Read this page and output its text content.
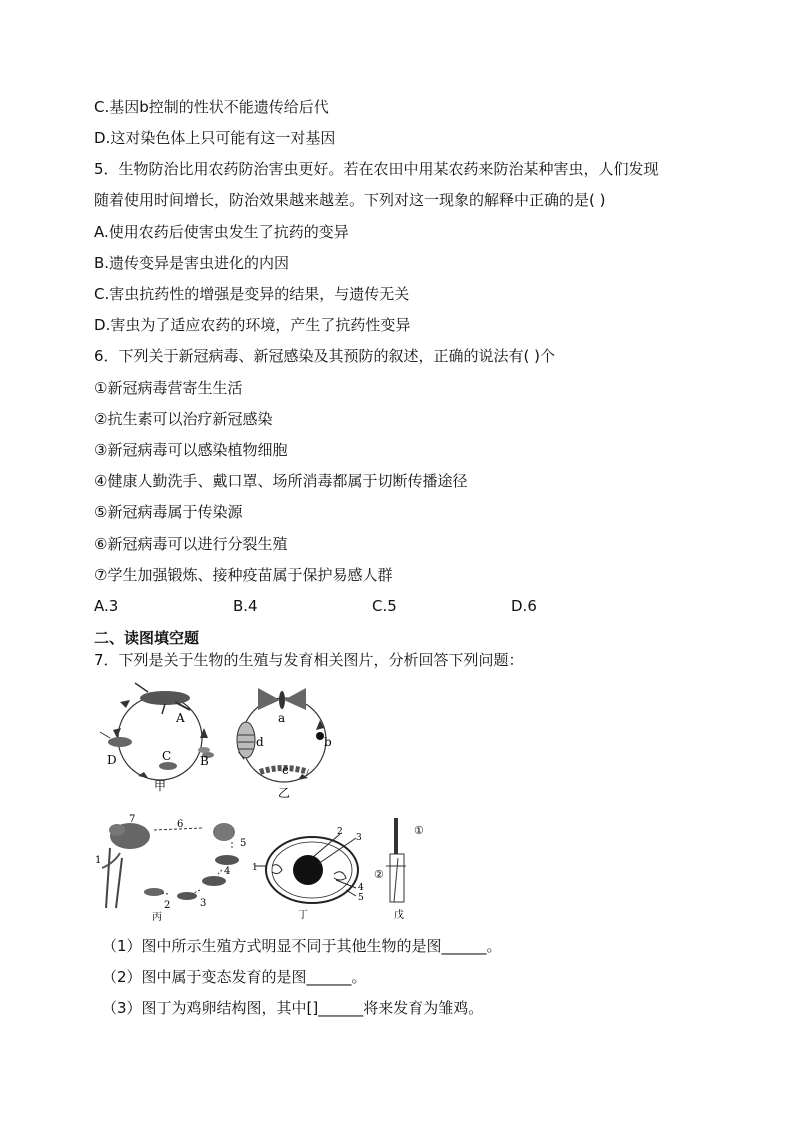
C.基因b控制的性状不能遗传给后代
D.这对染色体上只可能有这一对基因
5．生物防治比用农药防治害虫更好。若在农田中用某农药来防治某种害虫，人们发现
随着使用时间增长，防治效果越来越差。下列对这一现象的解释中正确的是( )
A.使用农药后使害虫发生了抗药的变异
B.遗传变异是害虫进化的内因
C.害虫抗药性的增强是变异的结果，与遗传无关
D.害虫为了适应农药的环境，产生了抗药性变异
6．下列关于新冠病毒、新冠感染及其预防的叙述，正确的说法有( )个
①新冠病毒营寄生生活
②抗生素可以治疗新冠感染
③新冠病毒可以感染植物细胞
④健康人勤洗手、戴口罩、场所消毒都属于切断传播途径
⑤新冠病毒属于传染源
⑥新冠病毒可以进行分裂生殖
⑦学生加强锻炼、接种疫苗属于保护易感人群
A.3	B.4	C.5	D.6
二、读图填空题
7．下列是关于生物的生殖与发育相关图片，分析回答下列问题：
A
B
C
D
甲
a
b
c
d
乙
7	6
5
4
3
2
1
丙
2
3
1
4
5
丁
①
②
戊
（1）图中所示生殖方式明显不同于其他生物的是图______。
（2）图中属于变态发育的是图______。
（3）图丁为鸡卵结构图，其中[]______将来发育为雏鸡。
